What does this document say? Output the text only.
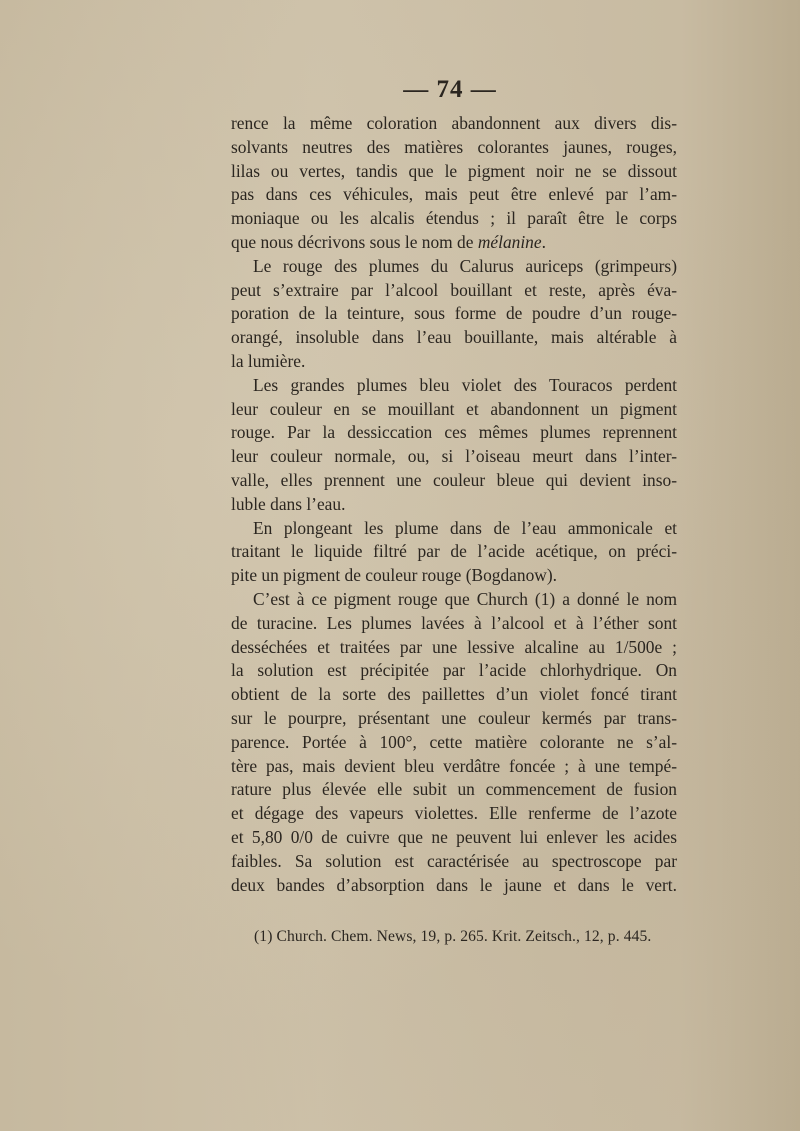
— 74 —
rence la même coloration abandonnent aux divers dis-
solvants neutres des matières colorantes jaunes, rouges,
lilas ou vertes, tandis que le pigment noir ne se dissout
pas dans ces véhicules, mais peut être enlevé par l’am-
moniaque ou les alcalis étendus ; il paraît être le corps
que nous décrivons sous le nom de mélanine.
Le rouge des plumes du Calurus auriceps (grimpeurs)
peut s’extraire par l’alcool bouillant et reste, après éva-
poration de la teinture, sous forme de poudre d’un rouge-
orangé, insoluble dans l’eau bouillante, mais altérable à
la lumière.
Les grandes plumes bleu violet des Touracos perdent
leur couleur en se mouillant et abandonnent un pigment
rouge. Par la dessiccation ces mêmes plumes reprennent
leur couleur normale, ou, si l’oiseau meurt dans l’inter-
valle, elles prennent une couleur bleue qui devient inso-
luble dans l’eau.
En plongeant les plume dans de l’eau ammonicale et
traitant le liquide filtré par de l’acide acétique, on préci-
pite un pigment de couleur rouge (Bogdanow).
C’est à ce pigment rouge que Church (1) a donné le nom
de turacine. Les plumes lavées à l’alcool et à l’éther sont
desséchées et traitées par une lessive alcaline au 1/500e ;
la solution est précipitée par l’acide chlorhydrique. On
obtient de la sorte des paillettes d’un violet foncé tirant
sur le pourpre, présentant une couleur kermés par trans-
parence. Portée à 100°, cette matière colorante ne s’al-
tère pas, mais devient bleu verdâtre foncée ; à une tempé-
rature plus élevée elle subit un commencement de fusion
et dégage des vapeurs violettes. Elle renferme de l’azote
et 5,80 0/0 de cuivre que ne peuvent lui enlever les acides
faibles. Sa solution est caractérisée au spectroscope par
deux bandes d’absorption dans le jaune et dans le vert.
(1) Church. Chem. News, 19, p. 265. Krit. Zeitsch., 12, p. 445.
